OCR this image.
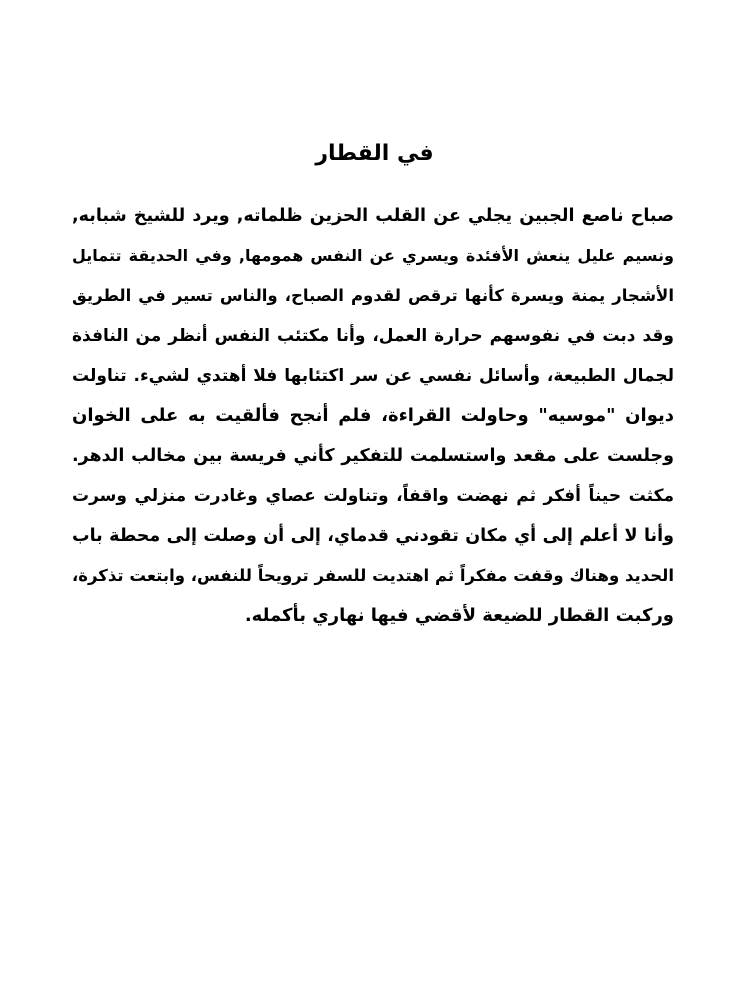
في القطار
صباح ناصع الجبين يجلي عن القلب الحزين ظلماته, ويرد للشيخ شبابه,
ونسيم عليل ينعش الأفئدة ويسري عن النفس همومها, وفي الحديقة تتمايل
الأشجار يمنة ويسرة كأنها ترقص لقدوم الصباح، والناس تسير في الطريق
وقد دبت في نفوسهم حرارة العمل، وأنا مكتئب النفس أنظر من النافذة
لجمال الطبيعة، وأسائل نفسي عن سر اكتئابها فلا أهتدي لشيء. تناولت
ديوان "موسيه" وحاولت القراءة، فلم أنجح فألقيت به على الخوان
وجلست على مقعد واستسلمت للتفكير كأني فريسة بين مخالب الدهر.
مكثت حيناً أفكر ثم نهضت واقفاً، وتناولت عصاي وغادرت منزلي وسرت
وأنا لا أعلم إلى أي مكان تقودني قدماي، إلى أن وصلت إلى محطة باب
الحديد وهناك وقفت مفكراً ثم اهتديت للسفر ترويحاً للنفس، وابتعت تذكرة،
وركبت القطار للضيعة لأقضي فيها نهاري بأكمله.
